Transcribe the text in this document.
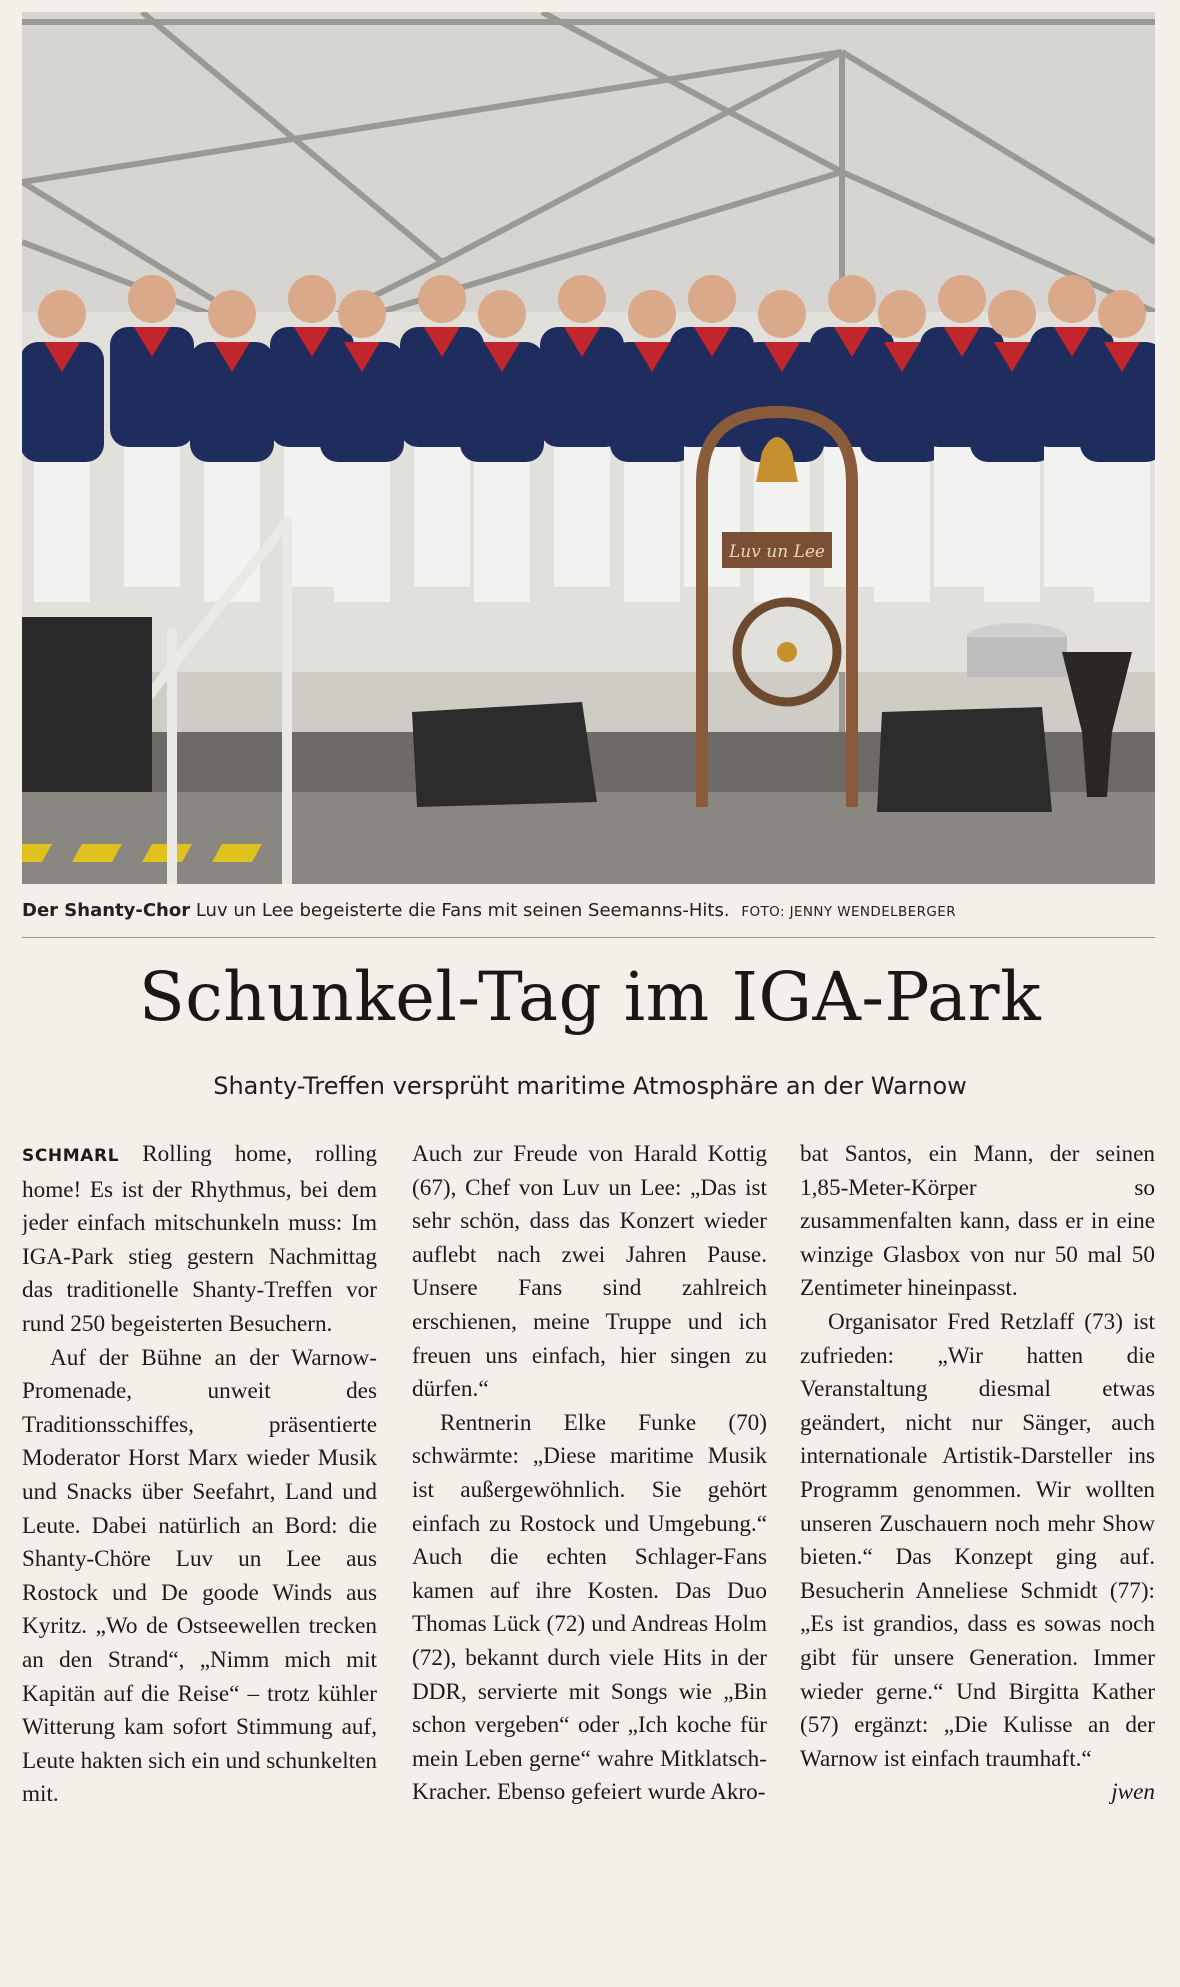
Luv un Lee
Der Shanty-Chor Luv un Lee begeisterte die Fans mit seinen Seemanns-Hits. FOTO: JENNY WENDELBERGER
Schunkel-Tag im IGA-Park
Shanty-Treffen versprüht maritime Atmosphäre an der Warnow

SCHMARL Rolling home, rolling home! Es ist der Rhythmus, bei dem jeder einfach mitschunkeln muss: Im IGA-Park stieg gestern Nachmittag das traditionelle Shanty-Treffen vor rund 250 begeisterten Besuchern.

Auf der Bühne an der Warnow-Promenade, unweit des Traditionsschiffes, präsentierte Moderator Horst Marx wieder Musik und Snacks über Seefahrt, Land und Leute. Dabei natürlich an Bord: die Shanty-Chöre Luv un Lee aus Rostock und De goode Winds aus Kyritz. „Wo de Ostseewellen trecken an den Strand“, „Nimm mich mit Kapitän auf die Reise“ – trotz kühler Witterung kam sofort Stimmung auf, Leute hakten sich ein und schunkelten mit.

Auch zur Freude von Harald Kottig (67), Chef von Luv un Lee: „Das ist sehr schön, dass das Konzert wieder auflebt nach zwei Jahren Pause. Unsere Fans sind zahlreich erschienen, meine Truppe und ich freuen uns einfach, hier singen zu dürfen.“

Rentnerin Elke Funke (70) schwärmte: „Diese maritime Musik ist außergewöhnlich. Sie gehört einfach zu Rostock und Umgebung.“ Auch die echten Schlager-Fans kamen auf ihre Kosten. Das Duo Thomas Lück (72) und Andreas Holm (72), bekannt durch viele Hits in der DDR, servierte mit Songs wie „Bin schon vergeben“ oder „Ich koche für mein Leben gerne“ wahre Mitklatsch-Kracher. Ebenso gefeiert wurde Akro-

bat Santos, ein Mann, der seinen 1,85-Meter-Körper so zusammenfalten kann, dass er in eine winzige Glasbox von nur 50 mal 50 Zentimeter hineinpasst.

Organisator Fred Retzlaff (73) ist zufrieden: „Wir hatten die Veranstaltung diesmal etwas geändert, nicht nur Sänger, auch internationale Artistik-Darsteller ins Programm genommen. Wir wollten unseren Zuschauern noch mehr Show bieten.“ Das Konzept ging auf. Besucherin Anneliese Schmidt (77): „Es ist grandios, dass es sowas noch gibt für unsere Generation. Immer wieder gerne.“ Und Birgitta Kather (57) ergänzt: „Die Kulisse an der Warnow ist einfach traumhaft.“
jwen
